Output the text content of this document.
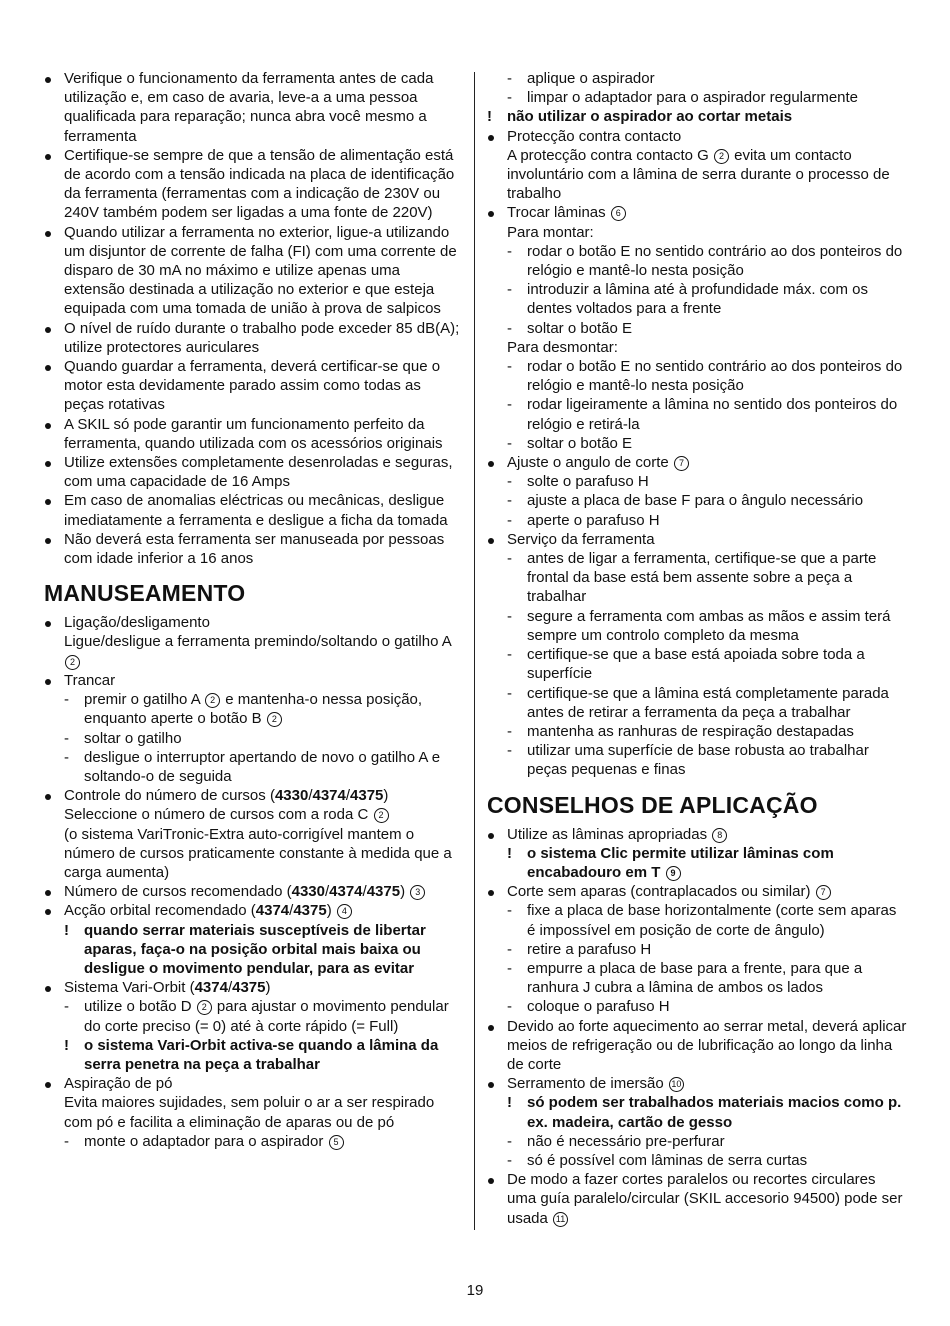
Verifique o funcionamento da ferramenta antes de cada utilização e, em caso de avaria, leve-a a uma pessoa qualificada para reparação; nunca abra você mesmo a ferramenta
Certifique-se sempre de que a tensão de alimentação está de acordo com a tensão indicada na placa de identificação da ferramenta (ferramentas com a indicação de 230V ou 240V também podem ser ligadas a uma fonte de 220V)
Quando utilizar a ferramenta no exterior, ligue-a utilizando um disjuntor de corrente de falha (FI) com uma corrente de disparo de 30 mA no máximo e utilize apenas uma extensão destinada a utilização no exterior e que esteja equipada com uma tomada de união à prova de salpicos
O nível de ruído durante o trabalho pode exceder 85 dB(A); utilize protectores auriculares
Quando guardar a ferramenta, deverá certificar-se que o motor esta devidamente parado assim como todas as peças rotativas
A SKIL só pode garantir um funcionamento perfeito da ferramenta, quando utilizada com os acessórios originais
Utilize extensões completamente desenroladas e seguras, com uma capacidade de 16 Amps
Em caso de anomalias eléctricas ou mecânicas, desligue imediatamente a ferramenta e desligue a ficha da tomada
Não deverá esta ferramenta ser manuseada por pessoas com idade inferior a 16 anos
MANUSEAMENTO
Ligação/desligamento
Ligue/desligue a ferramenta premindo/soltando o gatilho A 2
Trancar
- premir o gatilho A 2 e mantenha-o nessa posição, enquanto aperte o botão B 2
- soltar o gatilho
- desligue o interruptor apertando de novo o gatilho A e soltando-o de seguida
Controle do número de cursos (4330/4374/4375)
Seleccione o número de cursos com a roda C 2
(o sistema VariTronic-Extra auto-corrigível mantem o número de cursos praticamente constante à medida que a carga aumenta)
Número de cursos recomendado (4330/4374/4375) 3
Acção orbital recomendado (4374/4375) 4
! quando serrar materiais susceptíveis de libertar aparas, faça-o na posição orbital mais baixa ou desligue o movimento pendular, para as evitar
Sistema Vari-Orbit (4374/4375)
- utilize o botão D 2 para ajustar o movimento pendular do corte preciso (= 0) até à corte rápido (= Full)
! o sistema Vari-Orbit activa-se quando a lâmina da serra penetra na peça a trabalhar
Aspiração de pó
Evita maiores sujidades, sem poluir o ar a ser respirado com pó e facilita a eliminação de aparas ou de pó
- monte o adaptador para o aspirador 5
- aplique o aspirador
- limpar o adaptador para o aspirador regularmente
! não utilizar o aspirador ao cortar metais
Protecção contra contacto
A protecção contra contacto G 2 evita um contacto involuntário com a lâmina de serra durante o processo de trabalho
Trocar lâminas 6
Para montar:
- rodar o botão E no sentido contrário ao dos ponteiros do relógio e mantê-lo nesta posição
- introduzir a lâmina até à profundidade máx. com os dentes voltados para a frente
- soltar o botão E
Para desmontar:
- rodar o botão E no sentido contrário ao dos ponteiros do relógio e mantê-lo nesta posição
- rodar ligeiramente a lâmina no sentido dos ponteiros do relógio e retirá-la
- soltar o botão E
Ajuste o angulo de corte 7
- solte o parafuso H
- ajuste a placa de base F para o ângulo necessário
- aperte o parafuso H
Serviço da ferramenta
- antes de ligar a ferramenta, certifique-se que a parte frontal da base está bem assente sobre a peça a trabalhar
- segure a ferramenta com ambas as mãos e assim terá sempre um controlo completo da mesma
- certifique-se que a base está apoiada sobre toda a superfície
- certifique-se que a lâmina está completamente parada antes de retirar a ferramenta da peça a trabalhar
- mantenha as ranhuras de respiração destapadas
- utilizar uma superfície de base robusta ao trabalhar peças pequenas e finas
CONSELHOS DE APLICAÇÃO
Utilize as lâminas apropriadas 8
! o sistema Clic permite utilizar lâminas com encabadouro em T 9
Corte sem aparas (contraplacados ou similar) 7
- fixe a placa de base horizontalmente (corte sem aparas é impossível em posição de corte de ângulo)
- retire a parafuso H
- empurre a placa de base para a frente, para que a ranhura J cubra a lâmina de ambos os lados
- coloque o parafuso H
Devido ao forte aquecimento ao serrar metal, deverá aplicar meios de refrigeração ou de lubrificação ao longo da linha de corte
Serramento de imersão 10
! só podem ser trabalhados materiais macios como p. ex. madeira, cartão de gesso
- não é necessário pre-perfurar
- só é possível com lâminas de serra curtas
De modo a fazer cortes paralelos ou recortes circulares uma guía paralelo/circular (SKIL accesorio 94500) pode ser usada 11
19
